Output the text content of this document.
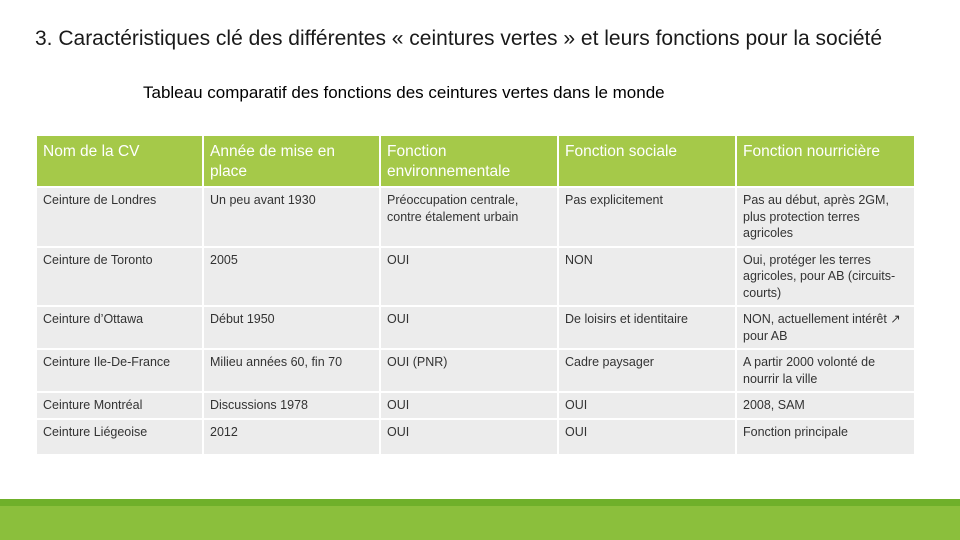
3. Caractéristiques clé des différentes « ceintures vertes » et leurs fonctions pour la société
Tableau comparatif des fonctions des ceintures vertes dans le monde
Nom de la CV	Année de mise en place	Fonction environnementale	Fonction sociale	Fonction nourricière
Ceinture de Londres	Un peu avant 1930	Préoccupation centrale, contre étalement urbain	Pas explicitement	Pas au début, après 2GM, plus protection terres agricoles
Ceinture de Toronto	2005	OUI	NON	Oui, protéger les terres agricoles, pour AB (circuits-courts)
Ceinture d’Ottawa	Début 1950	OUI	De loisirs et identitaire	NON, actuellement intérêt ↗ pour AB
Ceinture Ile-De-France	Milieu années 60, fin 70	OUI (PNR)	Cadre paysager	A partir 2000 volonté de nourrir la ville
Ceinture Montréal	Discussions 1978	OUI	OUI	2008, SAM
Ceinture Liégeoise	2012	OUI	OUI	Fonction principale
